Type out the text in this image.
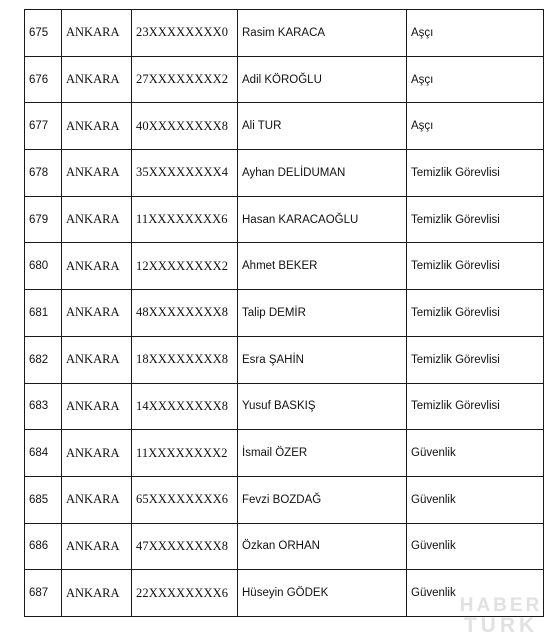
675	ANKARA	23XXXXXXXX0	Rasim KARACA	Aşçı
676	ANKARA	27XXXXXXXX2	Adil KÖROĞLU	Aşçı
677	ANKARA	40XXXXXXXX8	Ali TUR	Aşçı
678	ANKARA	35XXXXXXXX4	Ayhan DELİDUMAN	Temizlik Görevlisi
679	ANKARA	11XXXXXXXX6	Hasan KARACAOĞLU	Temizlik Görevlisi
680	ANKARA	12XXXXXXXX2	Ahmet BEKER	Temizlik Görevlisi
681	ANKARA	48XXXXXXXX8	Talip DEMİR	Temizlik Görevlisi
682	ANKARA	18XXXXXXXX8	Esra ŞAHİN	Temizlik Görevlisi
683	ANKARA	14XXXXXXXX8	Yusuf BASKIŞ	Temizlik Görevlisi
684	ANKARA	11XXXXXXXX2	İsmail ÖZER	Güvenlik
685	ANKARA	65XXXXXXXX6	Fevzi BOZDAĞ	Güvenlik
686	ANKARA	47XXXXXXXX8	Özkan ORHAN	Güvenlik
687	ANKARA	22XXXXXXXX6	Hüseyin GÖDEK	Güvenlik
HABER
TURK
